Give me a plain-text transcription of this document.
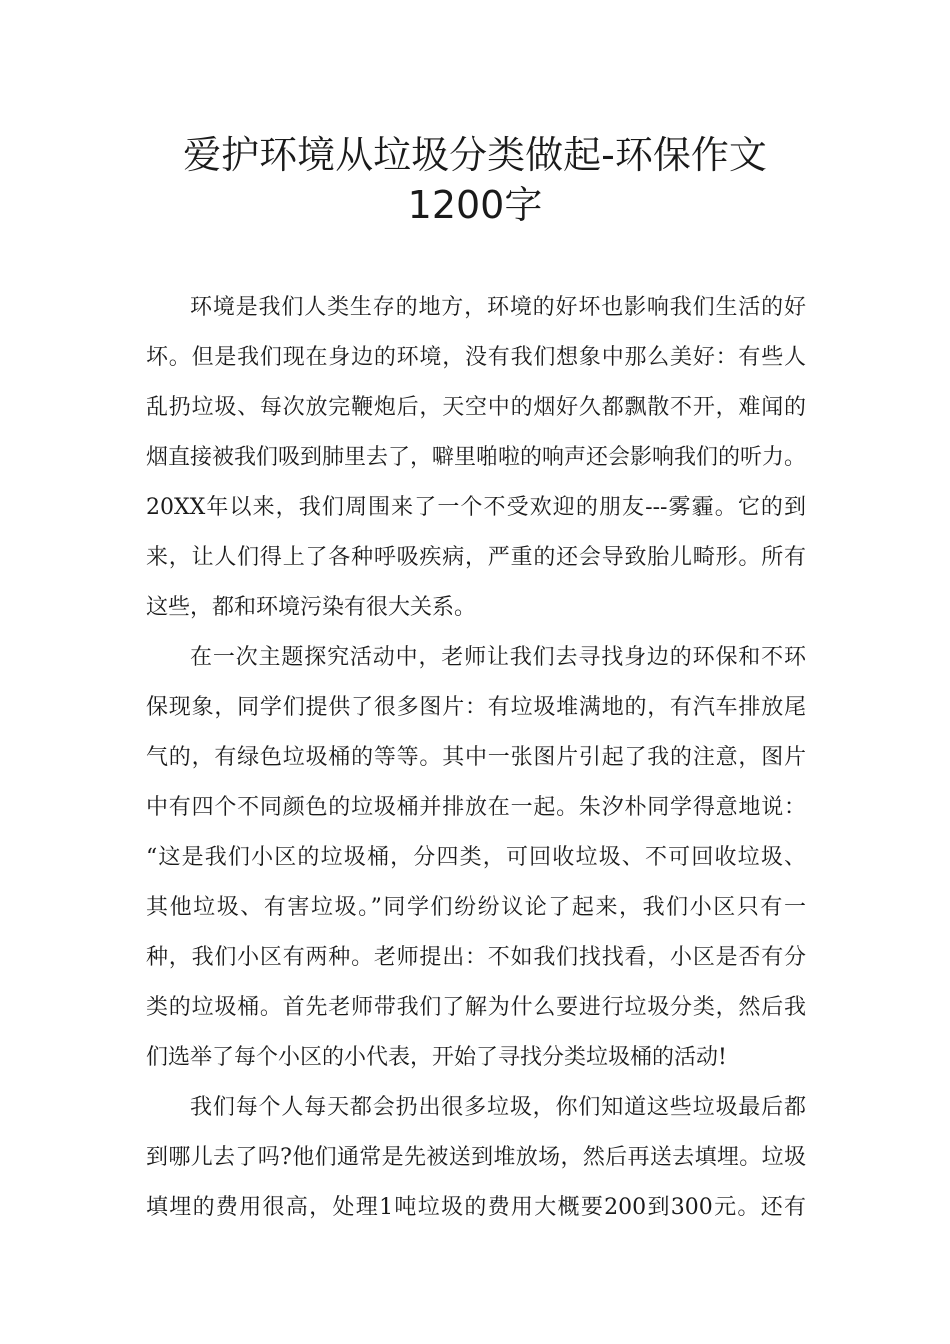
爱护环境从垃圾分类做起-环保作文
1200字
环境是我们人类生存的地方，环境的好坏也影响我们生活的好
坏。但是我们现在身边的环境，没有我们想象中那么美好：有些人
乱扔垃圾、每次放完鞭炮后，天空中的烟好久都飘散不开，难闻的
烟直接被我们吸到肺里去了，噼里啪啦的响声还会影响我们的听力。
20XX年以来，我们周围来了一个不受欢迎的朋友---雾霾。它的到
来，让人们得上了各种呼吸疾病，严重的还会导致胎儿畸形。所有
这些，都和环境污染有很大关系。
在一次主题探究活动中，老师让我们去寻找身边的环保和不环
保现象，同学们提供了很多图片：有垃圾堆满地的，有汽车排放尾
气的，有绿色垃圾桶的等等。其中一张图片引起了我的注意，图片
中有四个不同颜色的垃圾桶并排放在一起。朱汐朴同学得意地说：
“这是我们小区的垃圾桶，分四类，可回收垃圾、不可回收垃圾、
其他垃圾、有害垃圾。”同学们纷纷议论了起来，我们小区只有一
种，我们小区有两种。老师提出：不如我们找找看，小区是否有分
类的垃圾桶。首先老师带我们了解为什么要进行垃圾分类，然后我
们选举了每个小区的小代表，开始了寻找分类垃圾桶的活动!
我们每个人每天都会扔出很多垃圾，你们知道这些垃圾最后都
到哪儿去了吗?他们通常是先被送到堆放场，然后再送去填埋。垃圾
填埋的费用很高，处理1吨垃圾的费用大概要200到300元。还有
